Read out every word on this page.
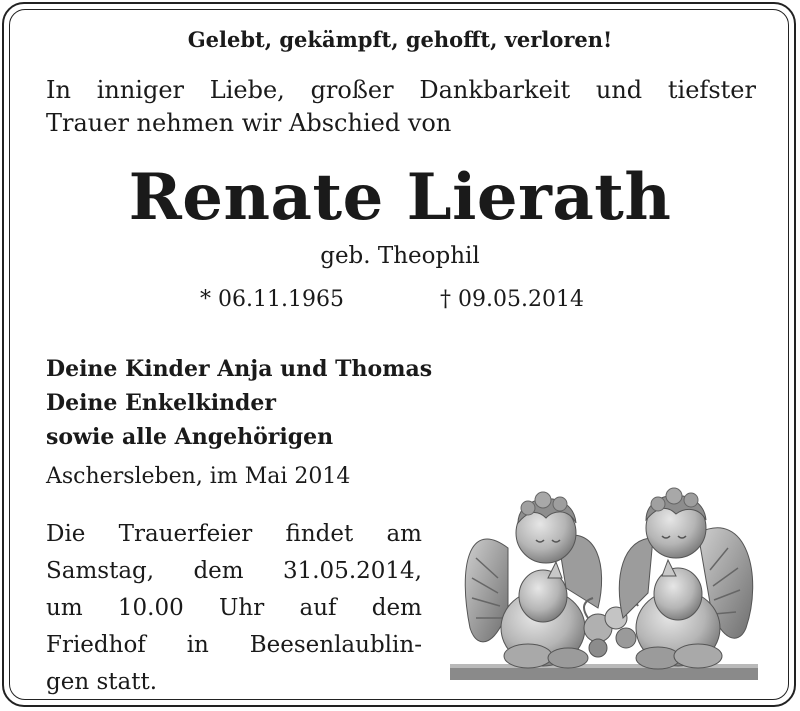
Gelebt, gekämpft, gehofft, verloren!
In inniger Liebe, großer Dankbarkeit und tiefster
Trauer nehmen wir Abschied von
Renate Lierath
geb. Theophil
* 06.11.1965	† 09.05.2014
Deine Kinder Anja und Thomas
Deine Enkelkinder
sowie alle Angehörigen
Aschersleben, im Mai 2014
Die Trauerfeier findet am
Samstag, dem 31.05.2014,
um 10.00 Uhr auf dem
Friedhof in Beesenlaublin-
gen statt.
